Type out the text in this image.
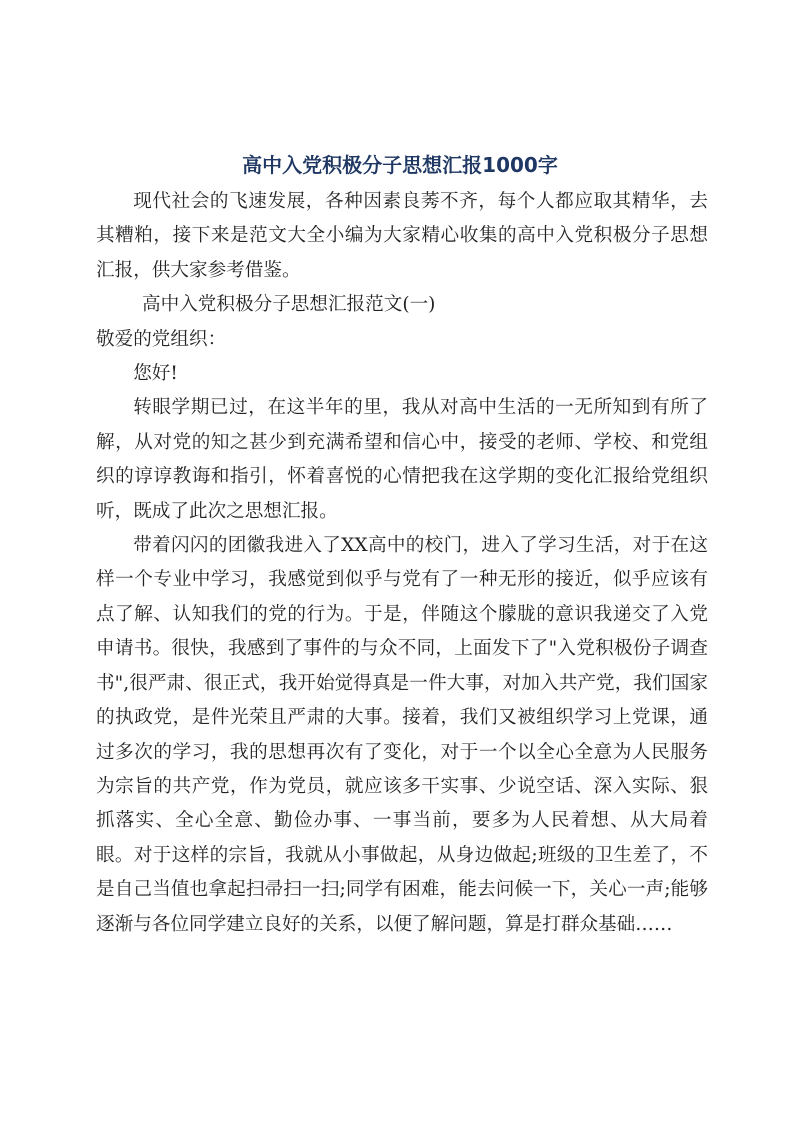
高中入党积极分子思想汇报1000字

现代社会的飞速发展，各种因素良莠不齐，每个人都应取其精华，去其糟粕，接下来是范文大全小编为大家精心收集的高中入党积极分子思想汇报，供大家参考借鉴。

高中入党积极分子思想汇报范文(一)

敬爱的党组织：

您好!

转眼学期已过，在这半年的里，我从对高中生活的一无所知到有所了解，从对党的知之甚少到充满希望和信心中，接受的老师、学校、和党组织的谆谆教诲和指引，怀着喜悦的心情把我在这学期的变化汇报给党组织听，既成了此次之思想汇报。

带着闪闪的团徽我进入了XX高中的校门，进入了学习生活，对于在这样一个专业中学习，我感觉到似乎与党有了一种无形的接近，似乎应该有点了解、认知我们的党的行为。于是，伴随这个朦胧的意识我递交了入党申请书。很快，我感到了事件的与众不同，上面发下了"入党积极份子调查书",很严肃、很正式，我开始觉得真是一件大事，对加入共产党，我们国家的执政党，是件光荣且严肃的大事。接着，我们又被组织学习上党课，通过多次的学习，我的思想再次有了变化，对于一个以全心全意为人民服务为宗旨的共产党，作为党员，就应该多干实事、少说空话、深入实际、狠抓落实、全心全意、勤俭办事、一事当前，要多为人民着想、从大局着眼。对于这样的宗旨，我就从小事做起，从身边做起;班级的卫生差了，不是自己当值也拿起扫帚扫一扫;同学有困难，能去问候一下，关心一声;能够逐渐与各位同学建立良好的关系，以便了解问题，算是打群众基础……
